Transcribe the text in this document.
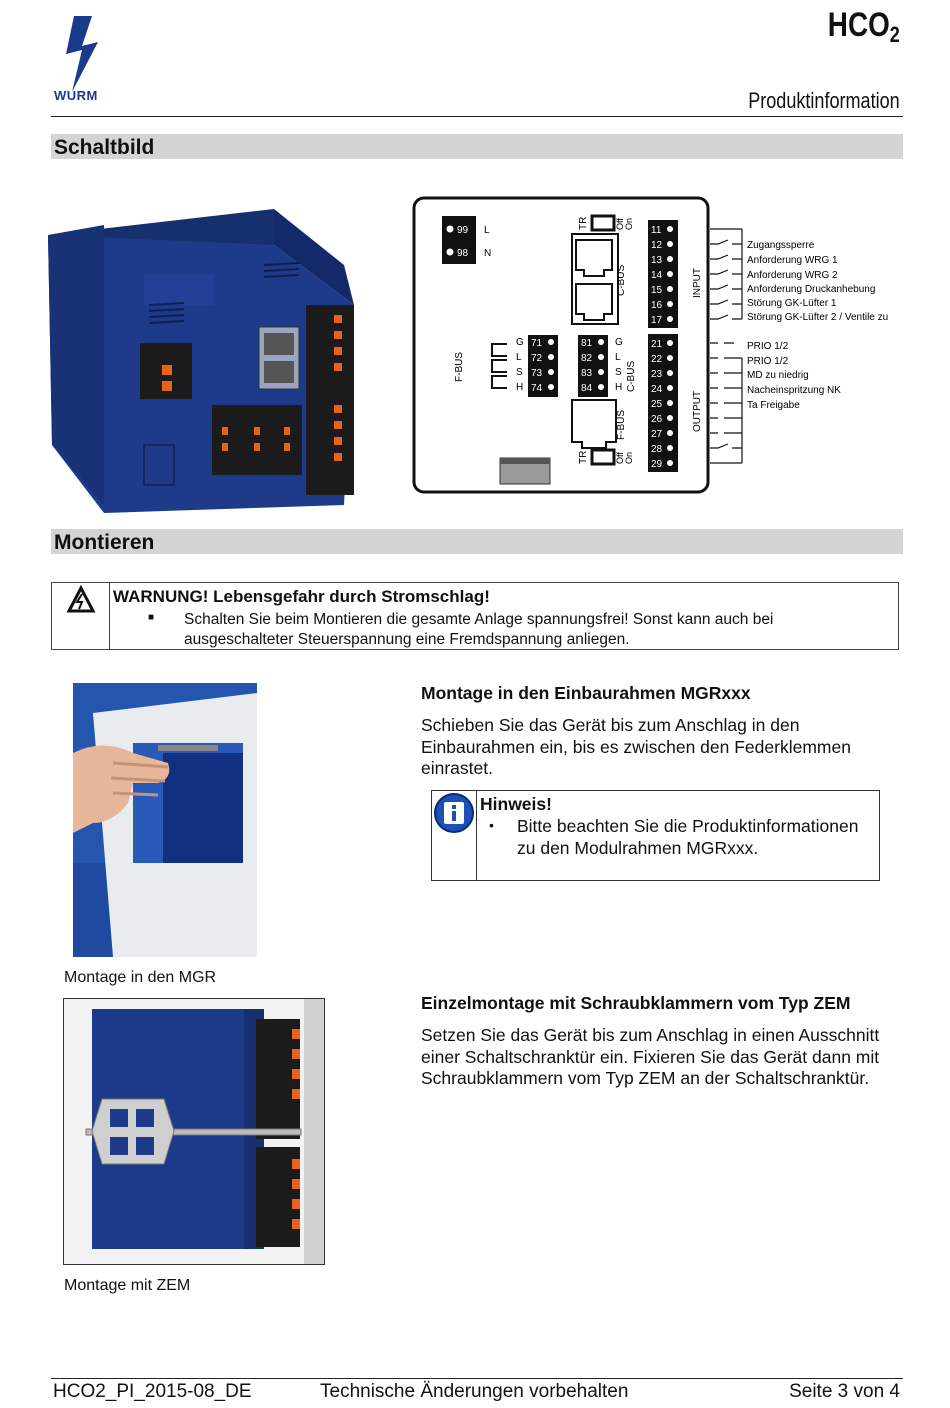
WURM
$HCO_2$
Produktinformation
Schaltbild
99
98
L
N
F-BUS
G
L
S
H
71
72
73
74
81
82
83
84
G
L
S
H C-BUS
TR	Off On
C-BUS
F-BUS
TR	Off On
11
12
13
14
15
16
17
INPUT
21
22
23
24
25
26
27
28
29
OUTPUT
Zugangssperre
Anforderung WRG 1
Anforderung WRG 2
Anforderung Druckanhebung
Störung GK-Lüfter 1
Störung GK-Lüfter 2 / Ventile zu
PRIO 1/2
PRIO 1/2
MD zu niedrig
Nacheinspritzung NK
Ta Freigabe
Montieren
WARNUNG! Lebensgefahr durch Stromschlag!
■ Schalten Sie beim Montieren die gesamte Anlage spannungsfrei! Sonst kann auch bei ausgeschalteter Steuerspannung eine Fremdspannung anliegen.
Montage in den MGR
Montage in den Einbaurahmen MGRxxx
Schieben Sie das Gerät bis zum Anschlag in den Einbaurahmen ein, bis es zwischen den Federklemmen einrastet.
Hinweis!
• Bitte beachten Sie die Produktinformationen zu den Modulrahmen MGRxxx.
Montage mit ZEM
Einzelmontage mit Schraubklammern vom Typ ZEM
Setzen Sie das Gerät bis zum Anschlag in einen Ausschnitt einer Schaltschranktür ein. Fixieren Sie das Gerät dann mit Schraubklammern vom Typ ZEM an der Schaltschranktür.
HCO2_PI_2015-08_DE	Technische Änderungen vorbehalten	Seite 3 von 4
